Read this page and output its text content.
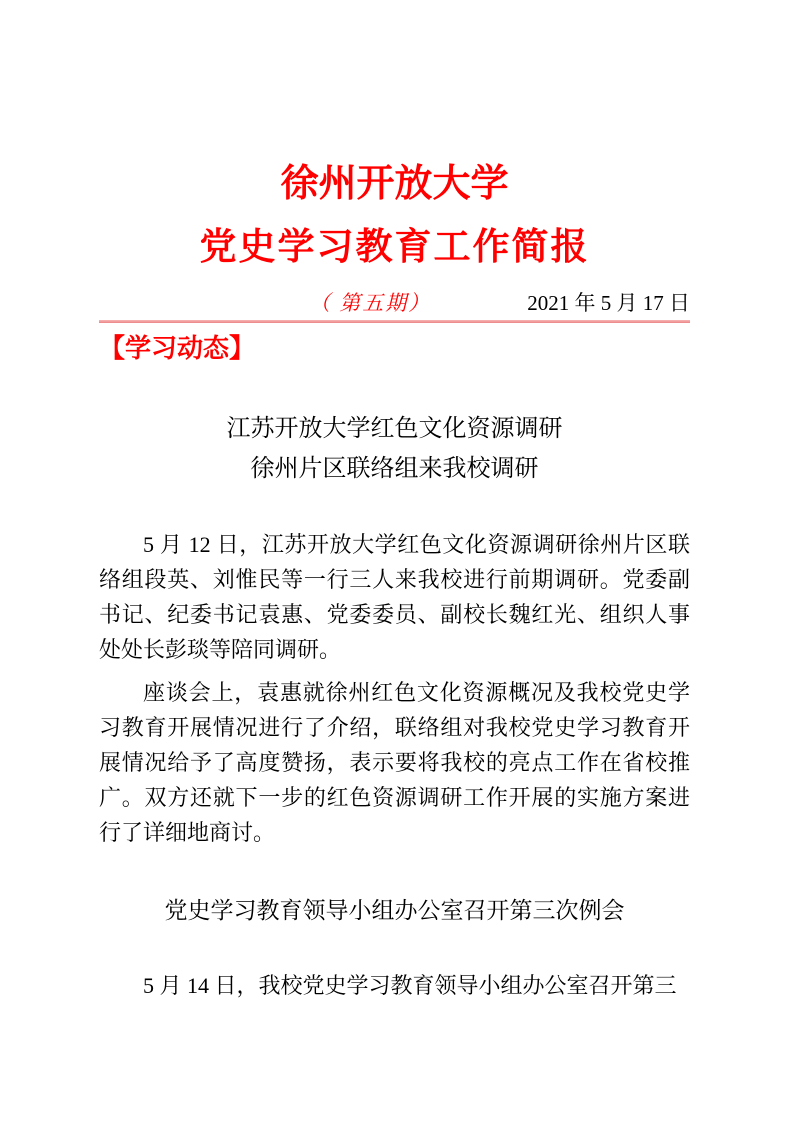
徐州开放大学
党史学习教育工作简报
（ 第五期）	2021 年 5 月 17 日
【学习动态】
江苏开放大学红色文化资源调研
徐州片区联络组来我校调研

5 月 12 日，江苏开放大学红色文化资源调研徐州片区联络组段英、刘惟民等一行三人来我校进行前期调研。党委副书记、纪委书记袁惠、党委委员、副校长魏红光、组织人事处处长彭琰等陪同调研。

座谈会上，袁惠就徐州红色文化资源概况及我校党史学习教育开展情况进行了介绍，联络组对我校党史学习教育开展情况给予了高度赞扬，表示要将我校的亮点工作在省校推广。双方还就下一步的红色资源调研工作开展的实施方案进行了详细地商讨。

党史学习教育领导小组办公室召开第三次例会

5 月 14 日，我校党史学习教育领导小组办公室召开第三
